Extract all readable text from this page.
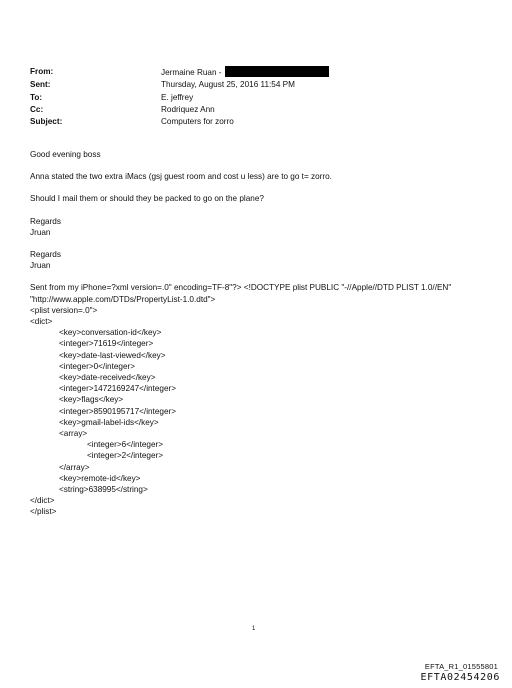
From:	Jermaine Ruan -
Sent:	Thursday, August 25, 2016 11:54 PM
To:	E. jeffrey
Cc:	Rodriquez Ann
Subject:	Computers for zorro

Good evening boss

Anna stated the two extra iMacs (gsj guest room and cost u less) are to go t= zorro.

Should I mail them or should they be packed to go on the plane?

Regards

Jruan

Regards

Jruan

Sent from my iPhone=?xml version=.0" encoding=TF-8"?> <!DOCTYPE plist PUBLIC "-//Apple//DTD PLIST 1.0//EN"

"http://www.apple.com/DTDs/PropertyList-1.0.dtd">

<plist version=.0">

<dict>

<key>conversation-id</key>

<integer>71619</integer>

<key>date-last-viewed</key>

<integer>0</integer>

<key>date-received</key>

<integer>1472169247</integer>

<key>flags</key>

<integer>8590195717</integer>

<key>gmail-label-ids</key>

<array>

<integer>6</integer>

<integer>2</integer>

</array>

<key>remote-id</key>

<string>638995</string>

</dict>

</plist>

1
EFTA_R1_01555801
EFTA02454206
